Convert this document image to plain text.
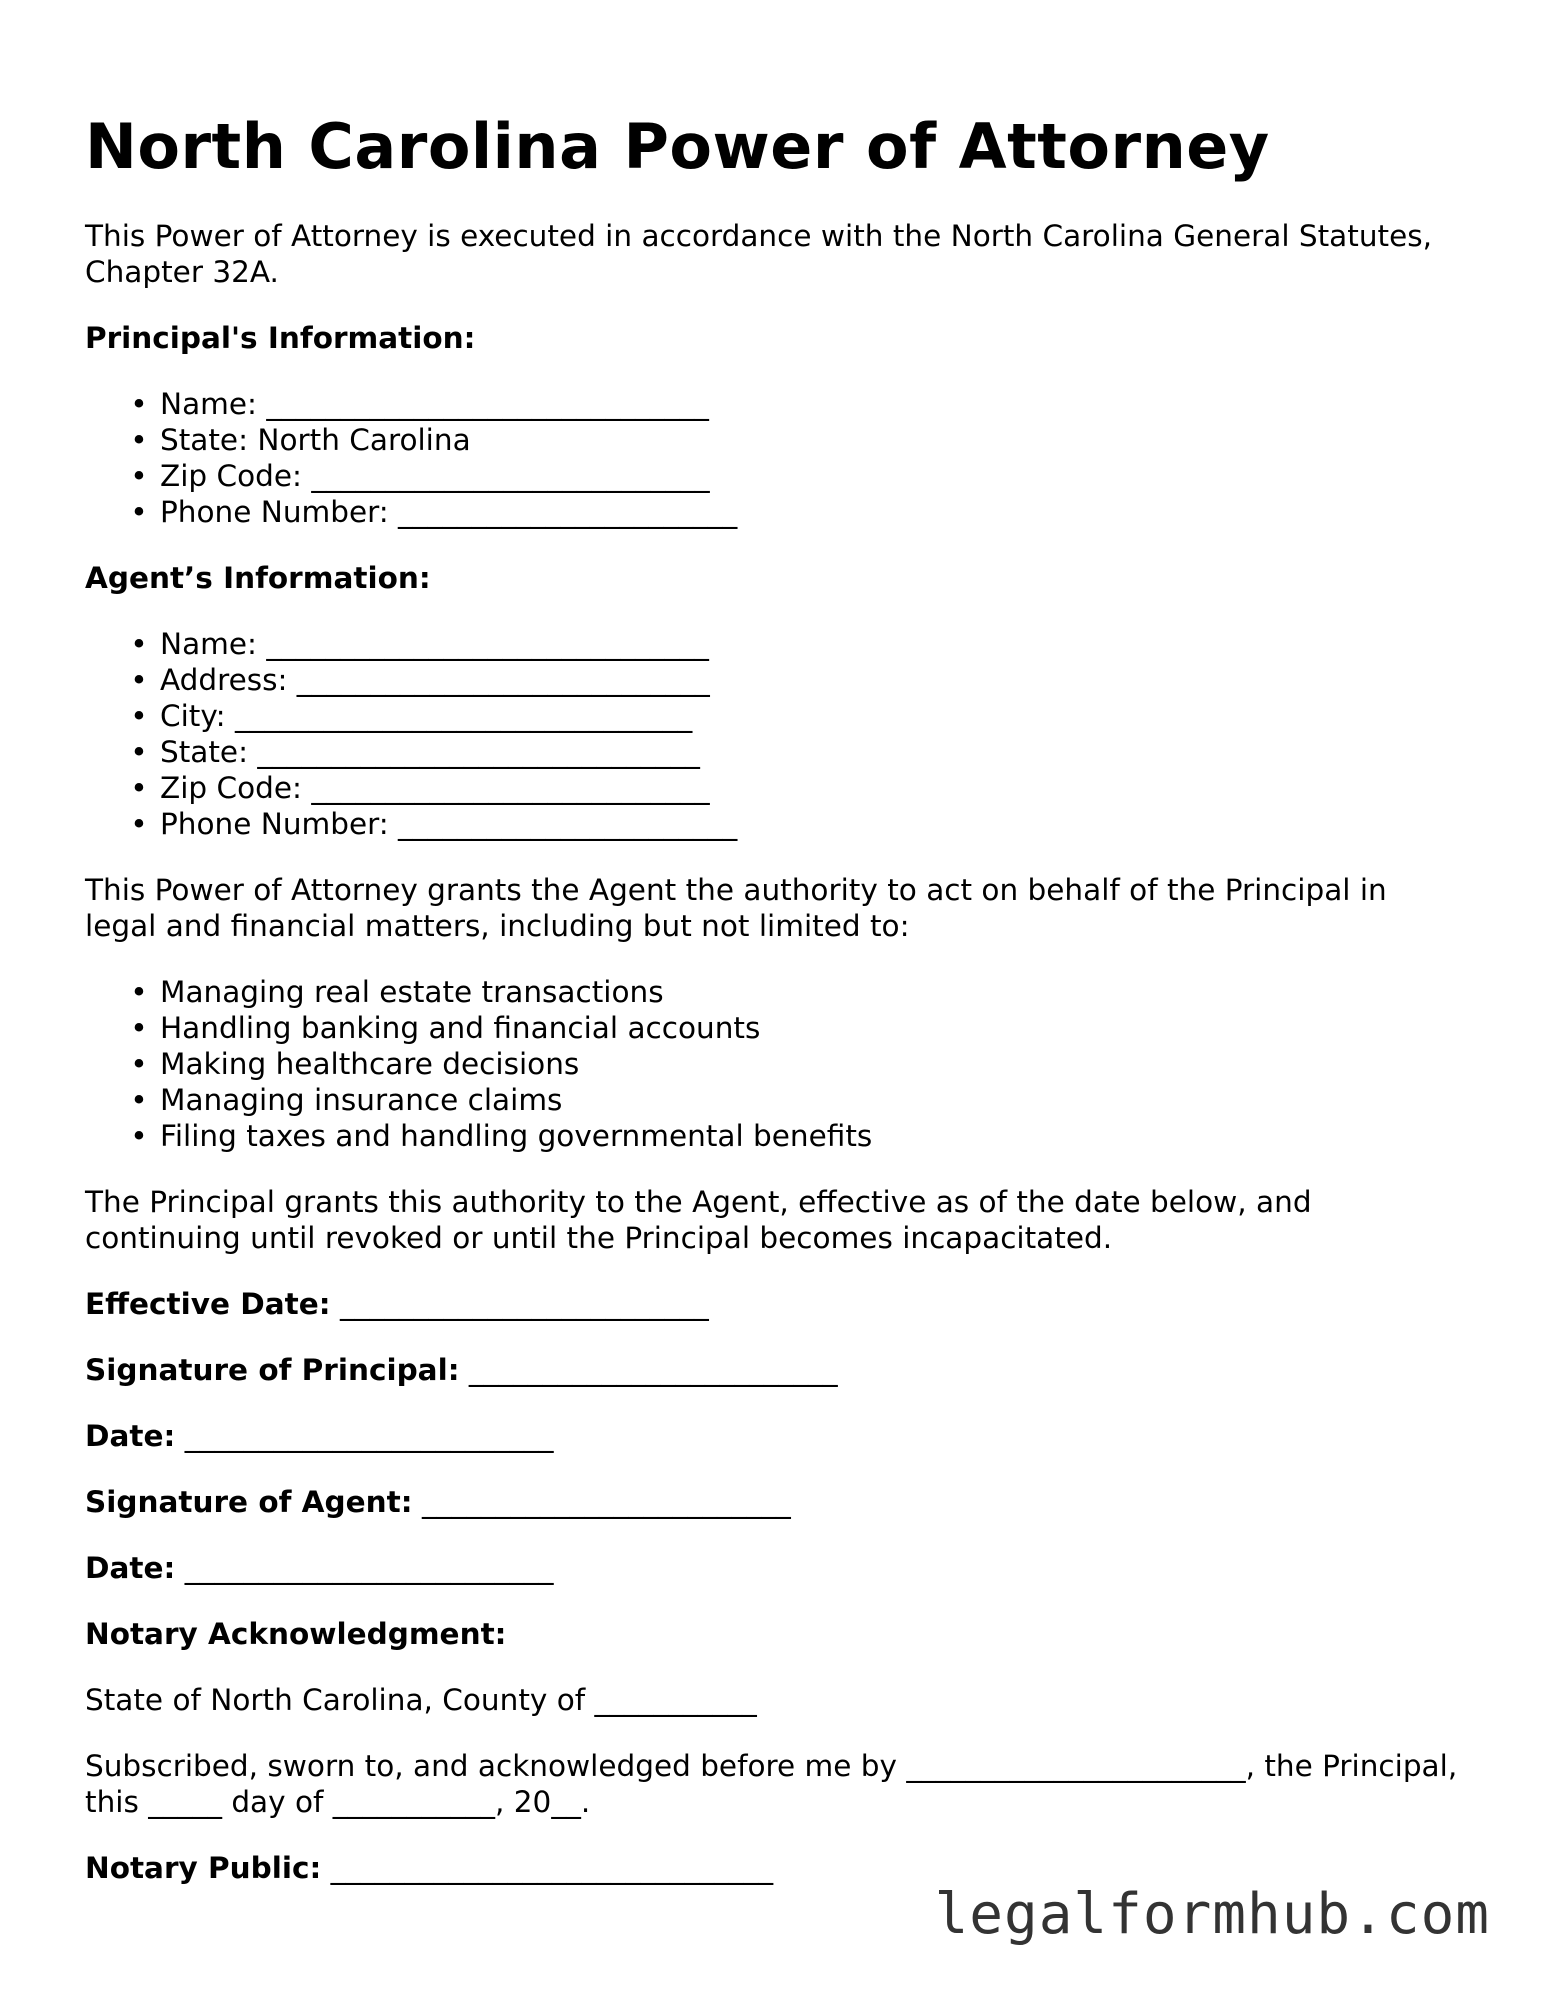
North Carolina Power of Attorney

This Power of Attorney is executed in accordance with the North Carolina General Statutes, Chapter 32A.

Principal's Information:

• Name: ______________________________
• State: North Carolina
• Zip Code: ___________________________
• Phone Number: _______________________

Agent’s Information:

• Name: ______________________________
• Address: ____________________________
• City: _______________________________
• State: ______________________________
• Zip Code: ___________________________
• Phone Number: _______________________

This Power of Attorney grants the Agent the authority to act on behalf of the Principal in legal and financial matters, including but not limited to:

• Managing real estate transactions
• Handling banking and financial accounts
• Making healthcare decisions
• Managing insurance claims
• Filing taxes and handling governmental benefits

The Principal grants this authority to the Agent, effective as of the date below, and continuing until revoked or until the Principal becomes incapacitated.

Effective Date: _________________________

Signature of Principal: _________________________

Date: _________________________

Signature of Agent: _________________________

Date: _________________________

Notary Acknowledgment:

State of North Carolina, County of ___________

Subscribed, sworn to, and acknowledged before me by _______________________, the Principal, this _____ day of ___________, 20__.

Notary Public: ______________________________

legalformhub.com
